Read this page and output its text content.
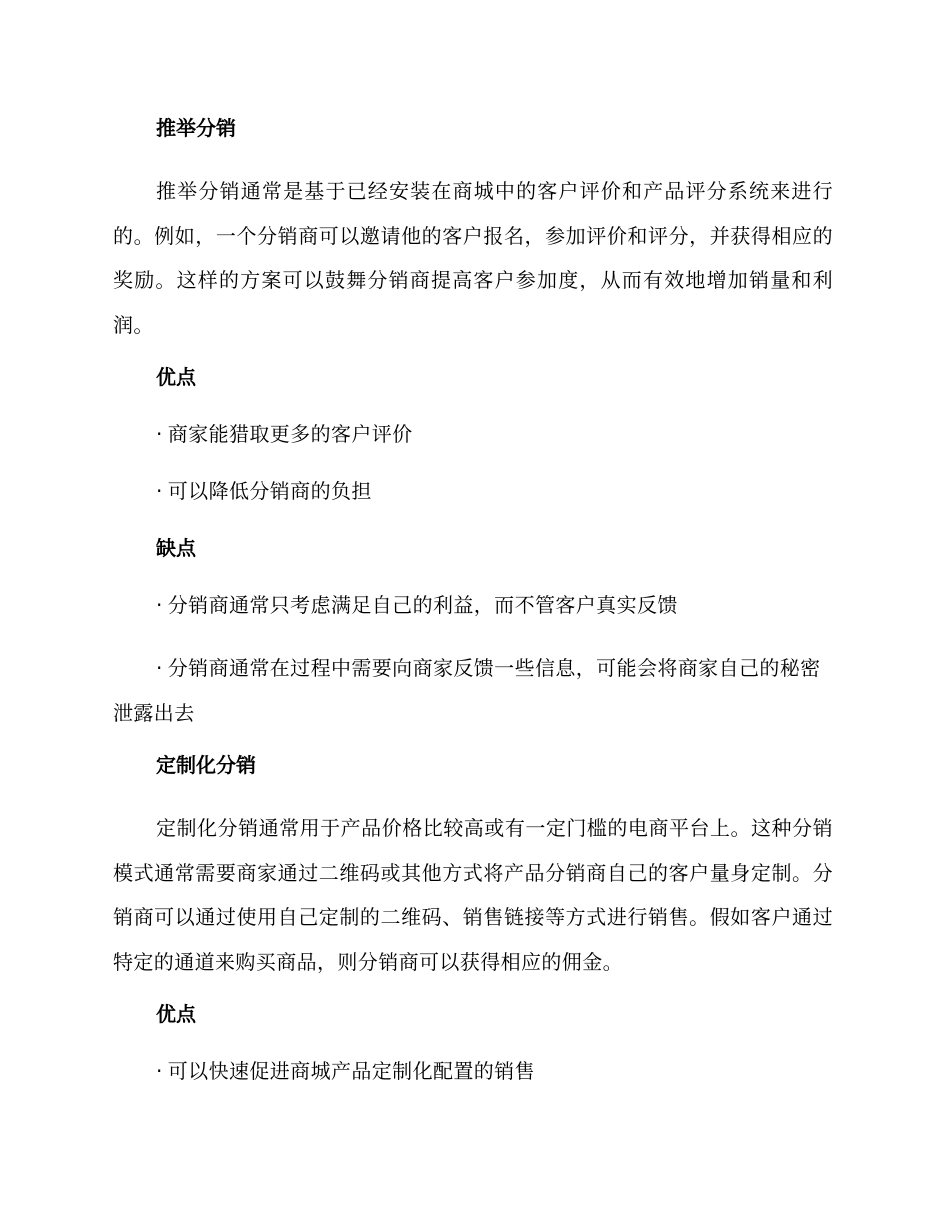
推举分销

推举分销通常是基于已经安装在商城中的客户评价和产品评分系统来进行的。例如，一个分销商可以邀请他的客户报名，参加评价和评分，并获得相应的奖励。这样的方案可以鼓舞分销商提高客户参加度，从而有效地增加销量和利润。

优点

· 商家能猎取更多的客户评价

· 可以降低分销商的负担

缺点

· 分销商通常只考虑满足自己的利益，而不管客户真实反馈

· 分销商通常在过程中需要向商家反馈一些信息，可能会将商家自己的秘密泄露出去

定制化分销

定制化分销通常用于产品价格比较高或有一定门槛的电商平台上。这种分销模式通常需要商家通过二维码或其他方式将产品分销商自己的客户量身定制。分销商可以通过使用自己定制的二维码、销售链接等方式进行销售。假如客户通过特定的通道来购买商品，则分销商可以获得相应的佣金。

优点

· 可以快速促进商城产品定制化配置的销售
